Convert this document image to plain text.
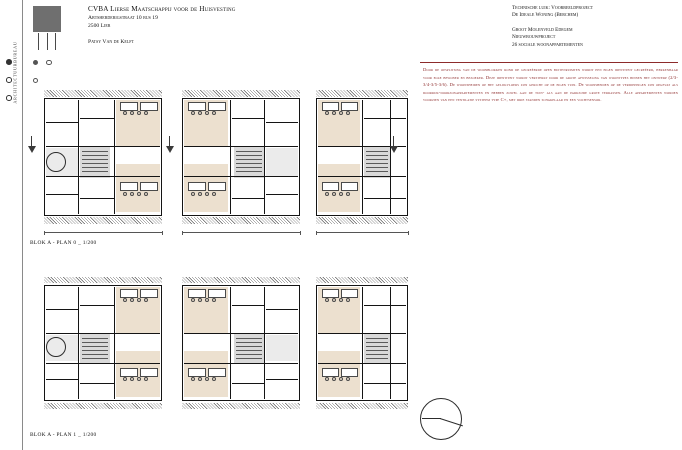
ARCHITECTUURBUREAU

CVBA Lierse Maatschappij voor de Huisvesting
Abtsherderigstraat 10 bus 19
2500 Lier
Patsy Van de Kelft
Technische luik: Voorbeeldproject
De Ideale Woning (Berchem)
Groot Molenveld Edegem
Nieuwbouwproject
26 sociale woonappartementen
Door de opsplitsing van de woonblokken rond de gecreëerde open buitenruimten wordt een eigen identiteit gecreëerd, herkenbaar voor elke bewoner en bezoeker. Deze identiteit wordt versterkt door de grote afwisseling van woontypes binnen het ontwerp (2/3-3/4-3/5-3/6). De woonsheiden op het gelijkvloers zijn gericht op de eigen tuin. De woonsheiden op de verdiepingen zijn opgevat als doorrijk-doorzonappartementen en hebben zowel aan de tuin- als aan de parkzijde grote terrassen. Alle appartementen worden voorzien van een ventilatie systeem type C+, met drie standen schakelaar en een vochtsensor.
BLOK A - PLAN 0 _ 1/200
BLOK A - PLAN 1 _ 1/200
